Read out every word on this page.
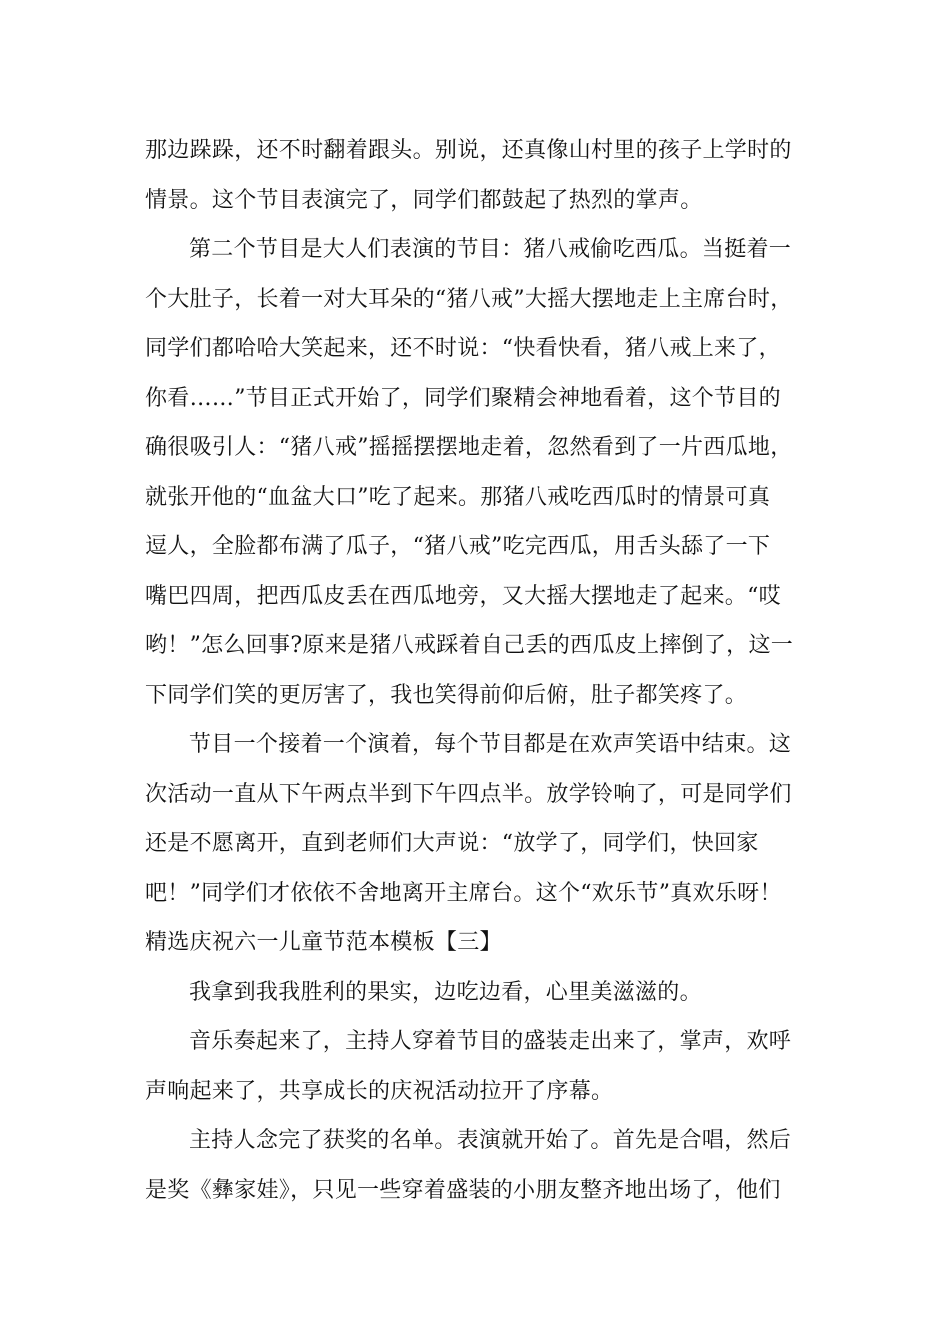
那边跺跺，还不时翻着跟头。别说，还真像山村里的孩子上学时的
情景。这个节目表演完了，同学们都鼓起了热烈的掌声。
第二个节目是大人们表演的节目：猪八戒偷吃西瓜。当挺着一
个大肚子，长着一对大耳朵的“猪八戒”大摇大摆地走上主席台时，
同学们都哈哈大笑起来，还不时说：“快看快看，猪八戒上来了，
你看……”节目正式开始了，同学们聚精会神地看着，这个节目的
确很吸引人：“猪八戒”摇摇摆摆地走着，忽然看到了一片西瓜地，
就张开他的“血盆大口”吃了起来。那猪八戒吃西瓜时的情景可真
逗人，全脸都布满了瓜子，“猪八戒”吃完西瓜，用舌头舔了一下
嘴巴四周，把西瓜皮丢在西瓜地旁，又大摇大摆地走了起来。“哎
哟！”怎么回事?原来是猪八戒踩着自己丢的西瓜皮上摔倒了，这一
下同学们笑的更厉害了，我也笑得前仰后俯，肚子都笑疼了。
节目一个接着一个演着，每个节目都是在欢声笑语中结束。这
次活动一直从下午两点半到下午四点半。放学铃响了，可是同学们
还是不愿离开，直到老师们大声说：“放学了，同学们，快回家
吧！”同学们才依依不舍地离开主席台。这个“欢乐节”真欢乐呀！
精选庆祝六一儿童节范本模板【三】
我拿到我我胜利的果实，边吃边看，心里美滋滋的。
音乐奏起来了，主持人穿着节目的盛装走出来了，掌声，欢呼
声响起来了，共享成长的庆祝活动拉开了序幕。
主持人念完了获奖的名单。表演就开始了。首先是合唱，然后
是奖《彝家娃》，只见一些穿着盛装的小朋友整齐地出场了，他们
